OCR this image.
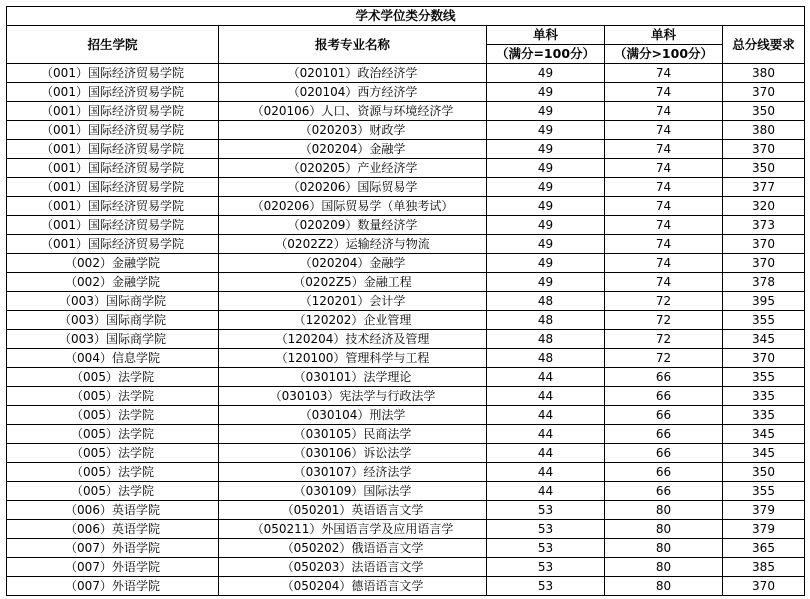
学术学位类分数线				
招生学院	报考专业名称	单科	单科	总分线要求
		（满分=100分）	（满分>100分）	
（001）国际经济贸易学院	（020101）政治经济学	49	74	380
（001）国际经济贸易学院	（020104）西方经济学	49	74	370
（001）国际经济贸易学院	（020106）人口、资源与环境经济学	49	74	350
（001）国际经济贸易学院	（020203）财政学	49	74	380
（001）国际经济贸易学院	（020204）金融学	49	74	370
（001）国际经济贸易学院	（020205）产业经济学	49	74	350
（001）国际经济贸易学院	（020206）国际贸易学	49	74	377
（001）国际经济贸易学院	（020206）国际贸易学（单独考试）	49	74	320
（001）国际经济贸易学院	（020209）数量经济学	49	74	373
（001）国际经济贸易学院	（0202Z2）运输经济与物流	49	74	370
（002）金融学院	（020204）金融学	49	74	370
（002）金融学院	（0202Z5）金融工程	49	74	378
（003）国际商学院	（120201）会计学	48	72	395
（003）国际商学院	（120202）企业管理	48	72	355
（003）国际商学院	（120204）技术经济及管理	48	72	345
（004）信息学院	（120100）管理科学与工程	48	72	370
（005）法学院	（030101）法学理论	44	66	355
（005）法学院	（030103）宪法学与行政法学	44	66	335
（005）法学院	（030104）刑法学	44	66	335
（005）法学院	（030105）民商法学	44	66	345
（005）法学院	（030106）诉讼法学	44	66	345
（005）法学院	（030107）经济法学	44	66	350
（005）法学院	（030109）国际法学	44	66	355
（006）英语学院	（050201）英语语言文学	53	80	379
（006）英语学院	（050211）外国语言学及应用语言学	53	80	379
（007）外语学院	（050202）俄语语言文学	53	80	365
（007）外语学院	（050203）法语语言文学	53	80	385
（007）外语学院	（050204）德语语言文学	53	80	370
